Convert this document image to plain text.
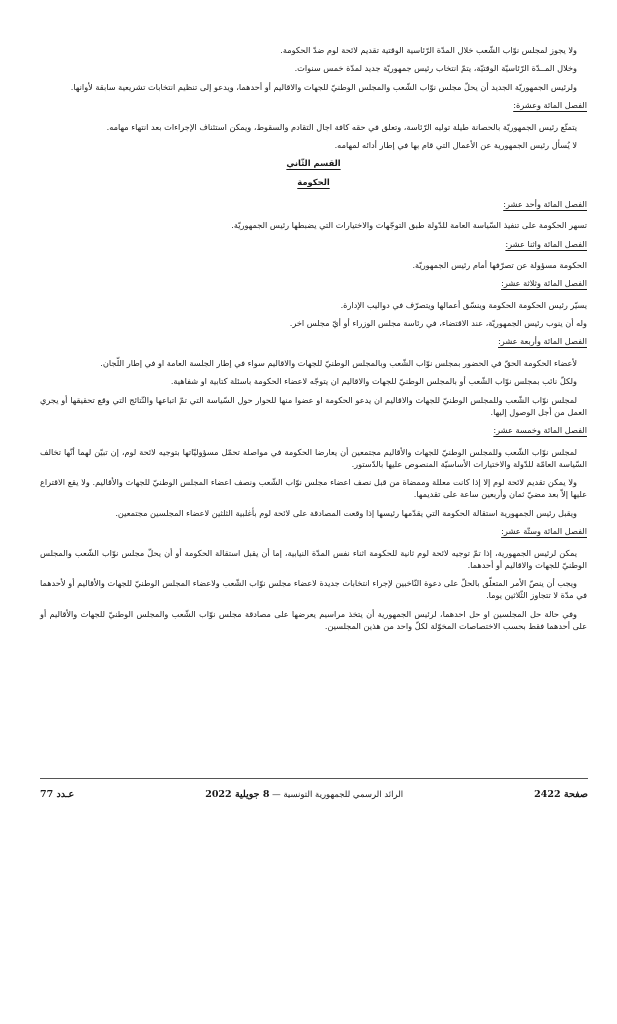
ولا يجوز لمجلس نوّاب الشّعب خلال المدّة الرّئاسية الوقتية تقديم لائحة لوم ضدّ الحكومة.

وخلال المــدّة الرّئاسيّة الوقتيّة، يتمّ انتخاب رئيس جمهوريّة جديد لمدّة خمس سنوات.

ولرئيس الجمهوريّة الجديد أن يحلّ مجلس نوّاب الشّعب والمجلس الوطنيّ للجهات والاقاليم أو أحدهما، ويدعو إلى تنظيم انتخابات تشريعية سابقة لأوانها.

الفصل المائة وعشرة:

يتمتّع رئيس الجمهوريّة بالحصانة طيلة توليه الرّئاسة، وتعلق في حقه كافة اجال التقادم والسقوط، ويمكن استئناف الإجراءات بعد انتهاء مهامه.

لا يُسأل رئيس الجمهورية عن الأعمال التي قام بها في إطار أدائه لمهامه.

القسم الثّاني
الحكومة
الفصل المائة وأحد عشر:

تسهر الحكومة على تنفيذ السّياسة العامة للدّولة طبق التوجّهات والاختيارات التي يضبطها رئيس الجمهوريّة.

الفصل المائة واثنا عشر:

الحكومة مسؤولة عن تصرّفها أمام رئيس الجمهوريّة.

الفصل المائة وثلاثة عشر:

يسيّر رئيس الحكومة الحكومة وينسّق أعمالها ويتصرّف في دواليب الإدارة.

وله أن ينوب رئيس الجمهوريّة، عند الاقتضاء، في رئاسة مجلس الوزراء أو أيّ مجلس اخر.

الفصل المائة وأربعة عشر:

لأعضاء الحكومة الحقّ في الحضور بمجلس نوّاب الشّعب وبالمجلس الوطنيّ للجهات والاقاليم سواء في إطار الجلسة العامة او في إطار اللّجان.

ولكلّ نائب بمجلس نوّاب الشّعب أو بالمجلس الوطنيّ للجهات والاقاليم ان يتوجّه لاعضاء الحكومة باسئلة كتابية او شفاهية.

لمجلس نوّاب الشّعب وللمجلس الوطنيّ للجهات والاقاليم ان يدعو الحكومة او عضوا منها للحوار حول السّياسة التي تمّ اتباعها والنّتائج التي وقع تحقيقها أو يجري العمل من أجل الوصول إليها.

الفصل المائة وخمسة عشر:

لمجلس نوّاب الشّعب وللمجلس الوطنيّ للجهات والأقاليم مجتمعين أن يعارضا الحكومة في مواصلة تحمّل مسؤوليّاتها بتوجيه لائحة لوم، إن تبيّن لهما أنّها تخالف السّياسة العامّة للدّولة والاختيارات الأساسيّة المنصوص عليها بالدّستور.

ولا يمكن تقديم لائحة لوم إلا إذا كانت معللة وممضاة من قبل نصف اعضاء مجلس نوّاب الشّعب ونصف اعضاء المجلس الوطنيّ للجهات والأقاليم. ولا يقع الاقتراع عليها إلاّ بعد مضيّ ثمان وأربعين ساعة على تقديمها.

ويقبل رئيس الجمهورية استقالة الحكومة التي يقدّمها رئيسها إذا وقعت المصادقة على لائحة لوم بأغلبية الثلثين لاعضاء المجلسين مجتمعين.

الفصل المائة وستّة عشر:

يمكن لرئيس الجمهورية، إذا تمّ توجيه لائحة لوم ثانية للحكومة اثناء نفس المدّة النيابية، إما أن يقبل استقالة الحكومة أو أن يحلّ مجلس نوّاب الشّعب والمجلس الوطنيّ للجهات والاقاليم أو أحدهما.

ويجب أن ينصّ الأمر المتعلّق بالحلّ على دعوة النّاخبين لإجراء انتخابات جديدة لاعضاء مجلس نوّاب الشّعب ولاعضاء المجلس الوطنيّ للجهات والأقاليم أو لأحدهما في مدّة لا تتجاوز الثّلاثين يوما.

وفي حالة حل المجلسين او حل احدهما، لرئيس الجمهورية أن يتخذ مراسيم يعرضها على مصادقة مجلس نوّاب الشّعب والمجلس الوطنيّ للجهات والأقاليم أو على أحدهما فقط بحسب الاختصاصات المخوّلة لكلّ واحد من هذين المجلسين.

صفحة 2422
الرائد الرسمي للجمهورية التونسية — 8 جويلية 2022
عـدد 77
